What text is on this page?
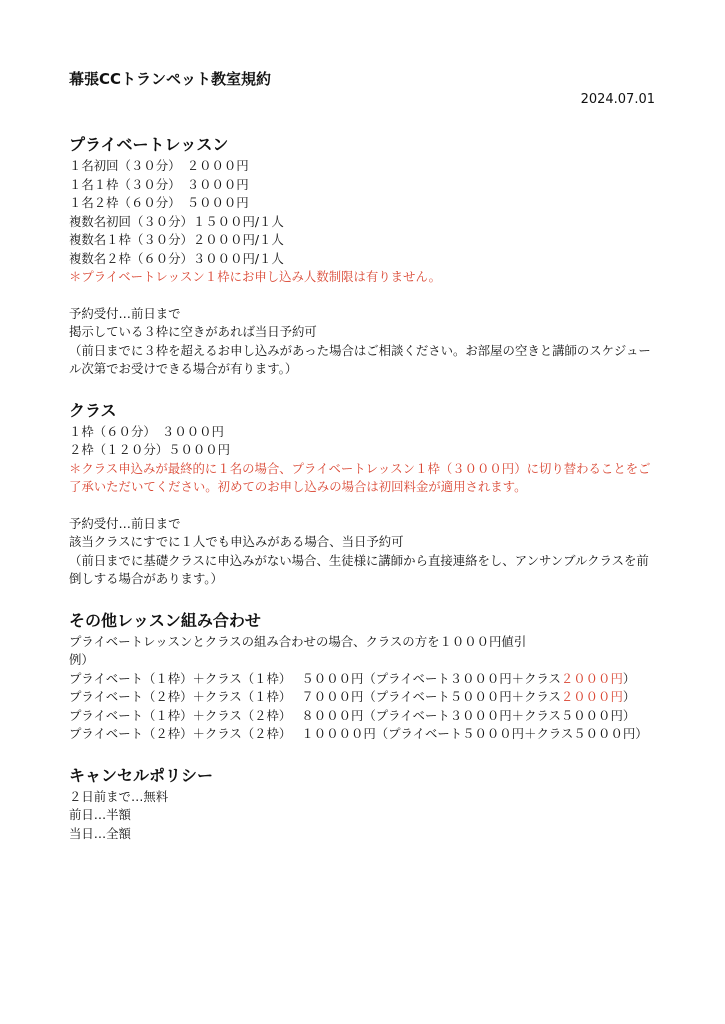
幕張CCトランペット教室規約
2024.07.01
プライベートレッスン
１名初回（３０分）　２０００円
１名１枠（３０分）　３０００円
１名２枠（６０分）　５０００円
複数名初回（３０分）１５００円/１人
複数名１枠（３０分）２０００円/１人
複数名２枠（６０分）３０００円/１人
＊プライベートレッスン１枠にお申し込み人数制限は有りません。
予約受付…前日まで
掲示している３枠に空きがあれば当日予約可
（前日までに３枠を超えるお申し込みがあった場合はご相談ください。お部屋の空きと講師のスケジュール次第でお受けできる場合が有ります。）
クラス
１枠（６０分）　３０００円
２枠（１２０分）５０００円
＊クラス申込みが最終的に１名の場合、プライベートレッスン１枠（３０００円）に切り替わることをご了承いただいてください。初めてのお申し込みの場合は初回料金が適用されます。
予約受付…前日まで
該当クラスにすでに１人でも申込みがある場合、当日予約可
（前日までに基礎クラスに申込みがない場合、生徒様に講師から直接連絡をし、アンサンブルクラスを前倒しする場合があります。）
その他レッスン組み合わせ
プライベートレッスンとクラスの組み合わせの場合、クラスの方を１０００円値引
例）
プライベート（１枠）＋クラス（１枠）　 ５０００円（プライベート３０００円＋クラス２０００円）
プライベート（２枠）＋クラス（１枠）　 ７０００円（プライベート５０００円＋クラス２０００円）
プライベート（１枠）＋クラス（２枠）　 ８０００円（プライベート３０００円＋クラス５０００円）
プライベート（２枠）＋クラス（２枠）　 １００００円（プライベート５０００円＋クラス５０００円）
キャンセルポリシー
２日前まで…無料
前日…半額
当日…全額
